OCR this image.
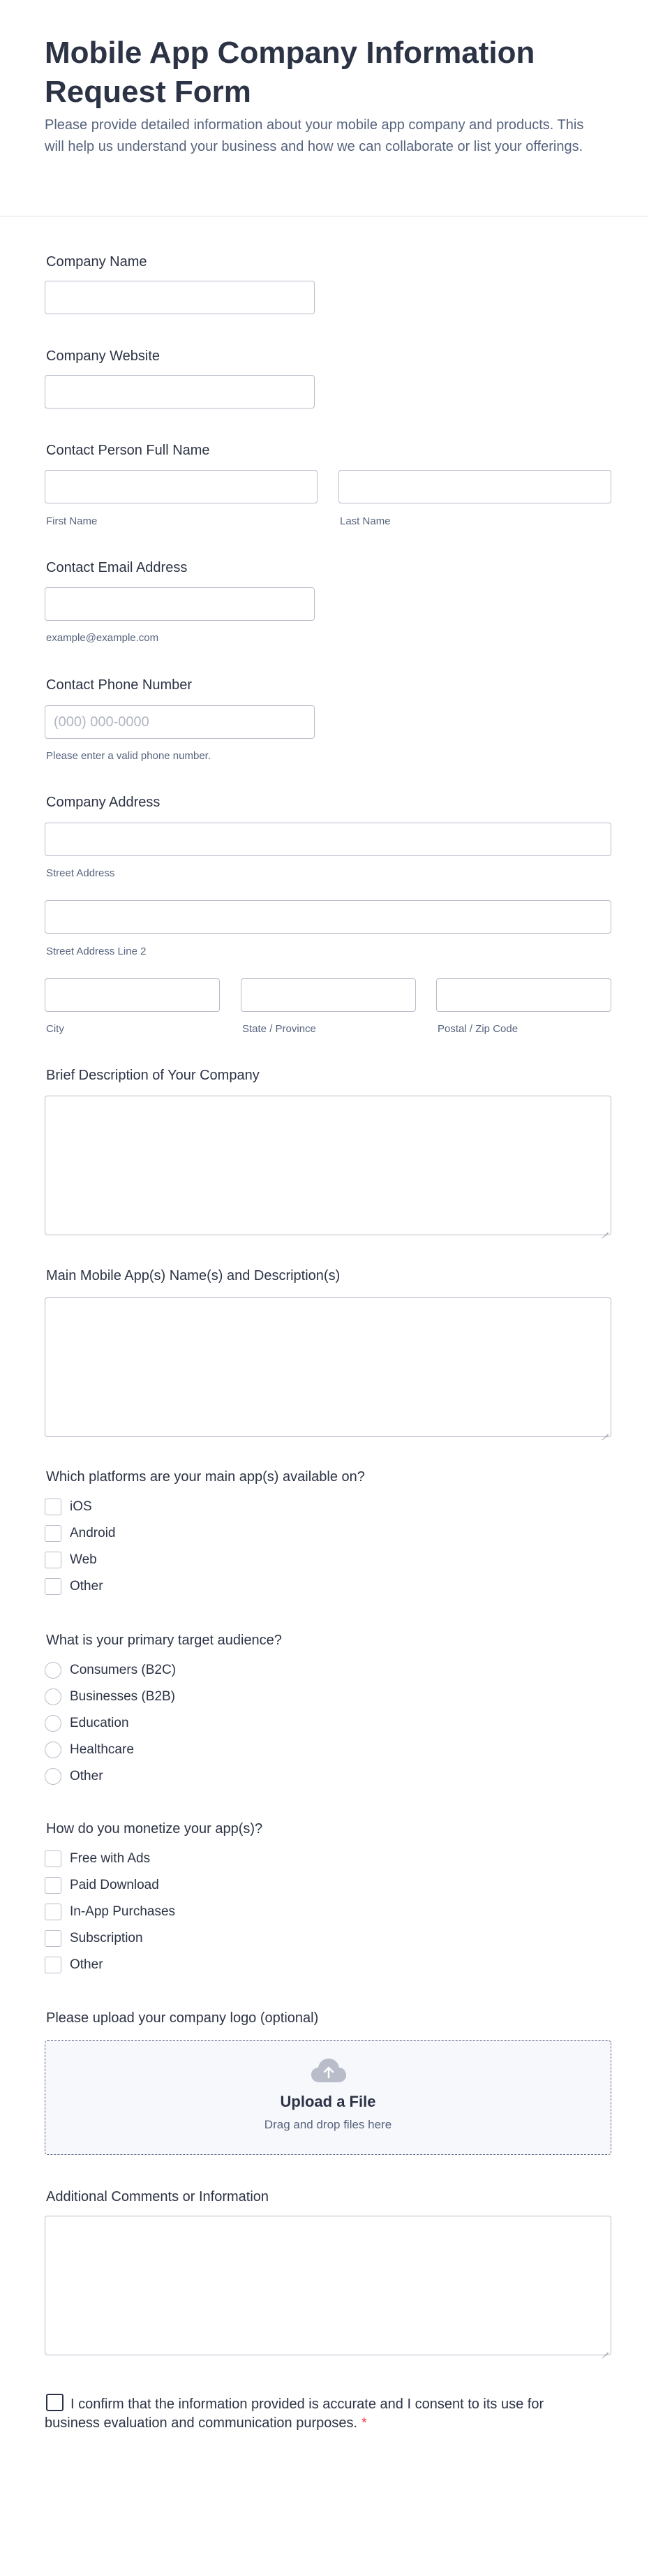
Mobile App Company Information Request Form

Please provide detailed information about your mobile app company and products. This will help us understand your business and how we can collaborate or list your offerings.

Company Name
Company Website
Contact Person Full Name
First Name	Last Name
Contact Email Address
example@example.com
Contact Phone Number
(000) 000-0000
Please enter a valid phone number.
Company Address
Street Address
Street Address Line 2
City	State / Province	Postal / Zip Code
Brief Description of Your Company
Main Mobile App(s) Name(s) and Description(s)
Which platforms are your main app(s) available on?
iOS
Android
Web
Other
What is your primary target audience?
Consumers (B2C)
Businesses (B2B)
Education
Healthcare
Other
How do you monetize your app(s)?
Free with Ads
Paid Download
In-App Purchases
Subscription
Other
Please upload your company logo (optional)
Upload a File
Drag and drop files here
Additional Comments or Information
I confirm that the information provided is accurate and I consent to its use for business evaluation and communication purposes. *
